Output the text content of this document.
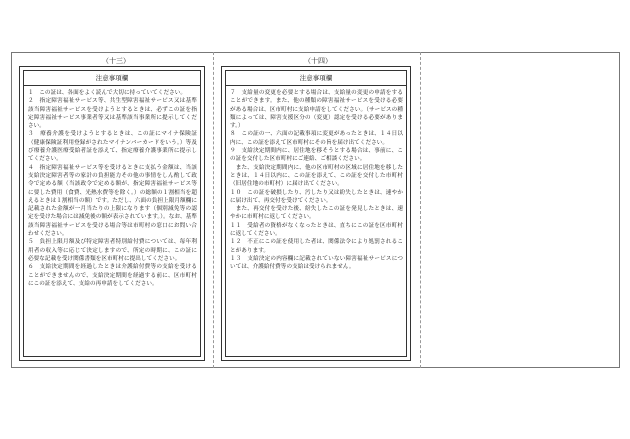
（十三）
注意事項欄

１　この証は、各面をよく読んで大切に持っていてください。

２　指定障害福祉サービス等、共生型障害福祉サービス又は基準該当障害福祉サービスを受けようとするときは、必ずこの証を指定障害福祉サービス事業者等又は基準該当事業所に提示してください。

３　療養介護を受けようとするときは、この証にマイナ保険証（健康保険証利用登録がされたマイナンバーカードをいう。）等及び療養介護医療受給者証を添えて、指定療養介護事業所に提示してください。

４　指定障害福祉サービス等を受けるときに支払う金額は、当該支給決定障害者等の家計の負担能力その他の事情をしん酌して政令で定める額（当該政令で定める額が、指定障害福祉サービス等に要した費用（食費、光熱水費等を除く。）の総額の１割相当を超えるときは１割相当の額）です。ただし、六面の負担上限月額欄に記載された金額が一月当たりの上限になります（個別減免等の認定を受けた場合には減免後の額が表示されています。）。なお、基準該当障害福祉サービスを受ける場合等は市町村の窓口にお問い合わせください。

５　負担上限月額及び特定障害者特別給付費については、毎年利用者の収入等に応じて決定しますので、所定の時期に、この証に必要な記載を受け関係書類を区市町村に提出してください。

６　支給決定期間を経過したときは介護給付費等の支給を受けることができませんので、支給決定期間を経過する前に、区市町村にこの証を添えて、支給の再申請をしてください。

（十四）
注意事項欄

７　支給量の変更を必要とする場合は、支給量の変更の申請をすることができます。また、他の種類の障害福祉サービスを受ける必要がある場合は、区市町村に支給申請をしてください。（サービスの種類によっては、障害支援区分の（変更）認定を受ける必要があります。）

８　この証の一、六面の記載事項に変更があったときは、１４日以内に、この証を添えて区市町村にその旨を届け出てください。

９　支給決定期間内に、居住地を移そうとする場合は、事前に、この証を交付した区市町村にご連絡、ご相談ください。

　また、支給決定期間内に、他の区市町村の区域に居住地を移したときは、１４日以内に、この証を添えて、この証を交付した市町村（旧居住地の市町村）に届け出てください。

１０　この証を破損したり、汚したり又は紛失したときは、速やかに届け出て、再交付を受けてください。

　また、再交付を受けた後、紛失したこの証を発見したときは、速やかに市町村に返してください。

１１　受給者の資格がなくなったときは、直ちにこの証を区市町村に返してください。

１２　不正にこの証を使用した者は、関係法令により処罰されることがあります。

１３　支給決定の内容欄に記載されていない障害福祉サービスについては、介護給付費等の支給は受けられません。
